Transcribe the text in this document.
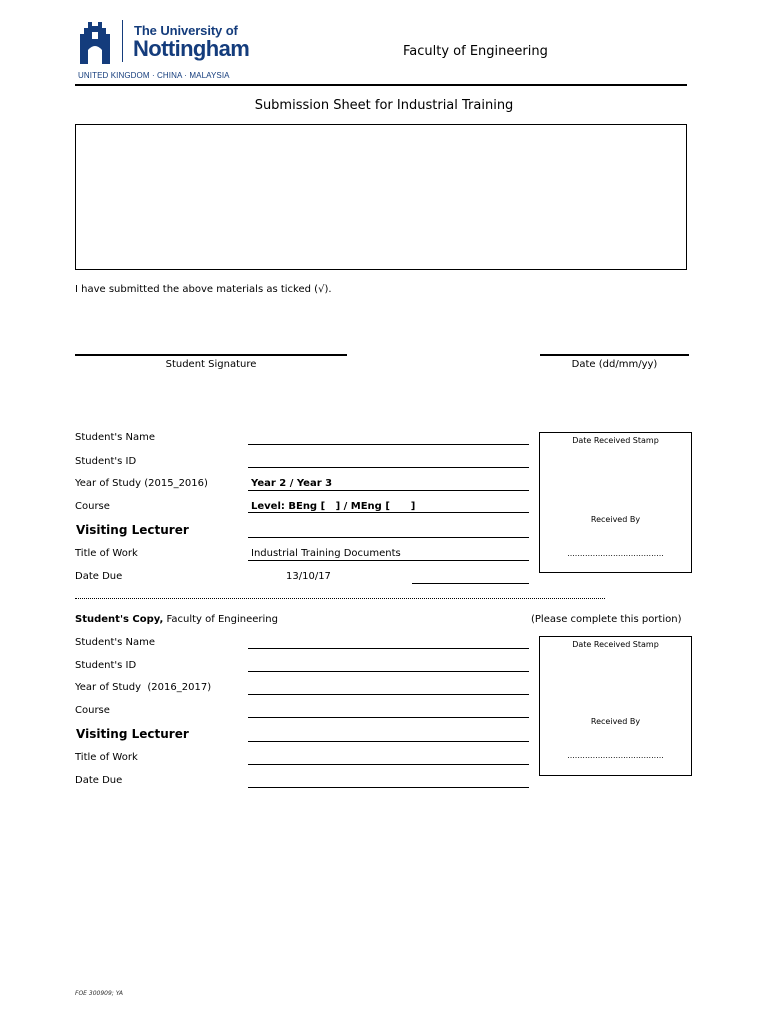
The University of
Nottingham
UNITED KINGDOM · CHINA · MALAYSIA
Faculty of Engineering
Submission Sheet for Industrial Training
I have submitted the above materials as ticked (√).
Student Signature	Date (dd/mm/yy)
Student's Name
Student's ID
Year of Study (2015_2016)	Year 2 / Year 3
Course	Level: BEng [   ] / MEng [      ]
Visiting Lecturer
Title of Work	Industrial Training Documents
Date Due	13/10/17
Date Received Stamp
Received By
......................................
Student's Copy, Faculty of Engineering	(Please complete this portion)
Student's Name
Student's ID
Year of Study  (2016_2017)
Course
Visiting Lecturer
Title of Work
Date Due
Date Received Stamp
Received By
......................................
FOE 300909; YA
